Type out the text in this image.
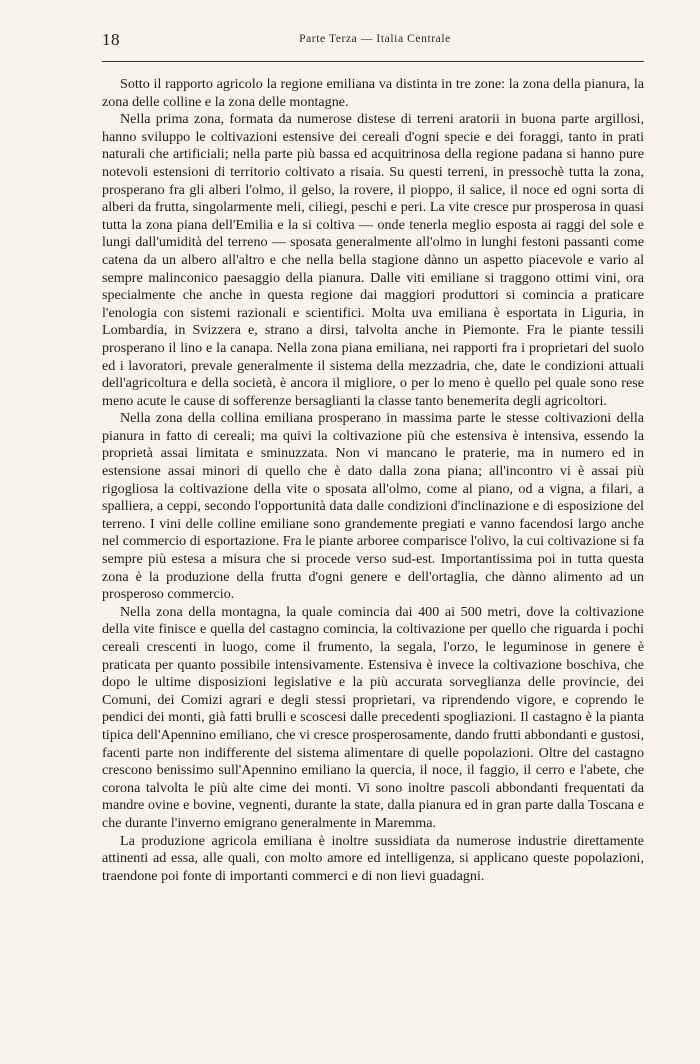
18	Parte Terza — Italia Centrale

Sotto il rapporto agricolo la regione emiliana va distinta in tre zone: la zona della pianura, la zona delle colline e la zona delle montagne.

Nella prima zona, formata da numerose distese di terreni aratorii in buona parte argillosi, hanno sviluppo le coltivazioni estensive dei cereali d'ogni specie e dei foraggi, tanto in prati naturali che artificiali; nella parte più bassa ed acquitrinosa della regione padana si hanno pure notevoli estensioni di territorio coltivato a risaia. Su questi terreni, in pressochè tutta la zona, prosperano fra gli alberi l'olmo, il gelso, la rovere, il pioppo, il salice, il noce ed ogni sorta di alberi da frutta, singolarmente meli, ciliegi, peschi e peri. La vite cresce pur prosperosa in quasi tutta la zona piana dell'Emilia e la si coltiva — onde tenerla meglio esposta ai raggi del sole e lungi dall'umidità del terreno — sposata generalmente all'olmo in lunghi festoni passanti come catena da un albero all'altro e che nella bella stagione dànno un aspetto piacevole e vario al sempre malinconico paesaggio della pianura. Dalle viti emiliane si traggono ottimi vini, ora specialmente che anche in questa regione dai maggiori produttori si comincia a praticare l'enologia con sistemi razionali e scientifici. Molta uva emiliana è esportata in Liguria, in Lombardia, in Svizzera e, strano a dirsi, talvolta anche in Piemonte. Fra le piante tessili prosperano il lino e la canapa. Nella zona piana emiliana, nei rapporti fra i proprietari del suolo ed i lavoratori, prevale generalmente il sistema della mezzadria, che, date le condizioni attuali dell'agricoltura e della società, è ancora il migliore, o per lo meno è quello pel quale sono rese meno acute le cause di sofferenze bersaglianti la classe tanto benemerita degli agricoltori.

Nella zona della collina emiliana prosperano in massima parte le stesse coltivazioni della pianura in fatto di cereali; ma quivi la coltivazione più che estensiva è intensiva, essendo la proprietà assai limitata e sminuzzata. Non vi mancano le praterie, ma in numero ed in estensione assai minori di quello che è dato dalla zona piana; all'incontro vi è assai più rigogliosa la coltivazione della vite o sposata all'olmo, come al piano, od a vigna, a filari, a spalliera, a ceppi, secondo l'opportunità data dalle condizioni d'inclinazione e di esposizione del terreno. I vini delle colline emiliane sono grandemente pregiati e vanno facendosi largo anche nel commercio di esportazione. Fra le piante arboree comparisce l'olivo, la cui coltivazione si fa sempre più estesa a misura che si procede verso sud-est. Importantissima poi in tutta questa zona è la produzione della frutta d'ogni genere e dell'ortaglia, che dànno alimento ad un prosperoso commercio.

Nella zona della montagna, la quale comincia dai 400 ai 500 metri, dove la coltivazione della vite finisce e quella del castagno comincia, la coltivazione per quello che riguarda i pochi cereali crescenti in luogo, come il frumento, la segala, l'orzo, le leguminose in genere è praticata per quanto possibile intensivamente. Estensiva è invece la coltivazione boschiva, che dopo le ultime disposizioni legislative e la più accurata sorveglianza delle provincie, dei Comuni, dei Comizi agrari e degli stessi proprietari, va riprendendo vigore, e coprendo le pendici dei monti, già fatti brulli e scoscesi dalle precedenti spogliazioni. Il castagno è la pianta tipica dell'Apennino emiliano, che vi cresce prosperosamente, dando frutti abbondanti e gustosi, facenti parte non indifferente del sistema alimentare di quelle popolazioni. Oltre del castagno crescono benissimo sull'Apennino emiliano la quercia, il noce, il faggio, il cerro e l'abete, che corona talvolta le più alte cime dei monti. Vi sono inoltre pascoli abbondanti frequentati da mandre ovine e bovine, vegnenti, durante la state, dalla pianura ed in gran parte dalla Toscana e che durante l'inverno emigrano generalmente in Maremma.

La produzione agricola emiliana è inoltre sussidiata da numerose industrie direttamente attinenti ad essa, alle quali, con molto amore ed intelligenza, si applicano queste popolazioni, traendone poi fonte di importanti commerci e di non lievi guadagni.
